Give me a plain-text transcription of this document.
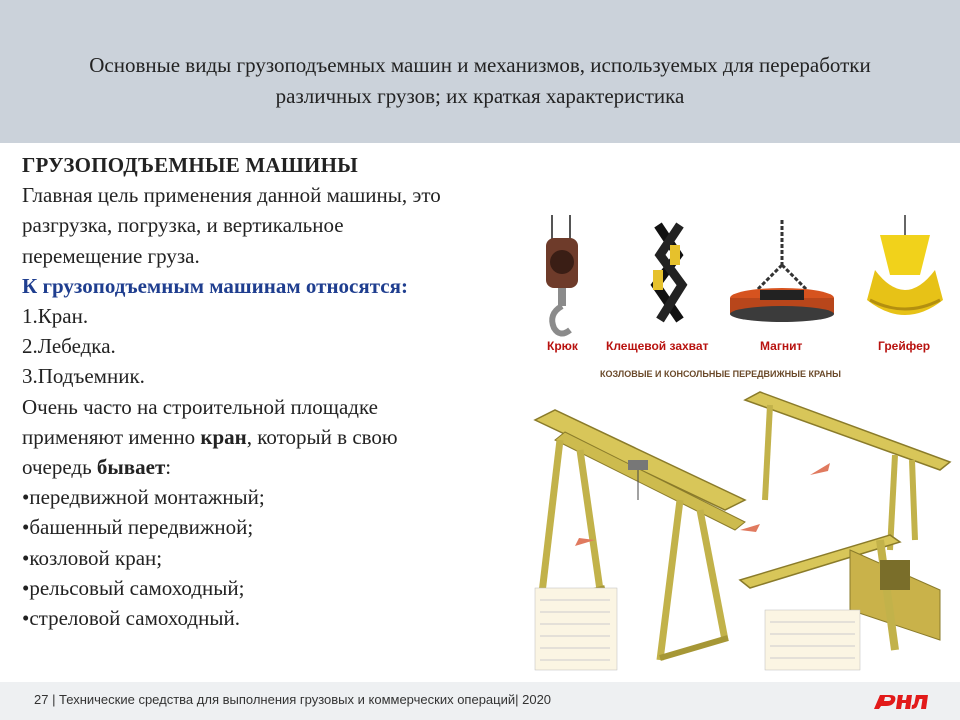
Основные виды грузоподъемных машин и механизмов, используемых для переработки различных грузов; их краткая характеристика

ГРУЗОПОДЪЕМНЫЕ МАШИНЫ

Главная цель применения данной машины, это

разгрузка, погрузка, и вертикальное

перемещение груза.

К грузоподъемным машинам относятся:

1.Кран.

2.Лебедка.

3.Подъемник.

Очень часто на строительной площадке

применяют именно кран, который в свою

очередь бывает:

•передвижной монтажный;

•башенный передвижной;

•козловой кран;

•рельсовый самоходный;

•стреловой самоходный.

Крюк Клещевой захват	Магнит	Грейфер
КОЗЛОВЫЕ И КОНСОЛЬНЫЕ ПЕРЕДВИЖНЫЕ КРАНЫ
27 | Технические средства для выполнения грузовых и коммерческих операций| 2020
